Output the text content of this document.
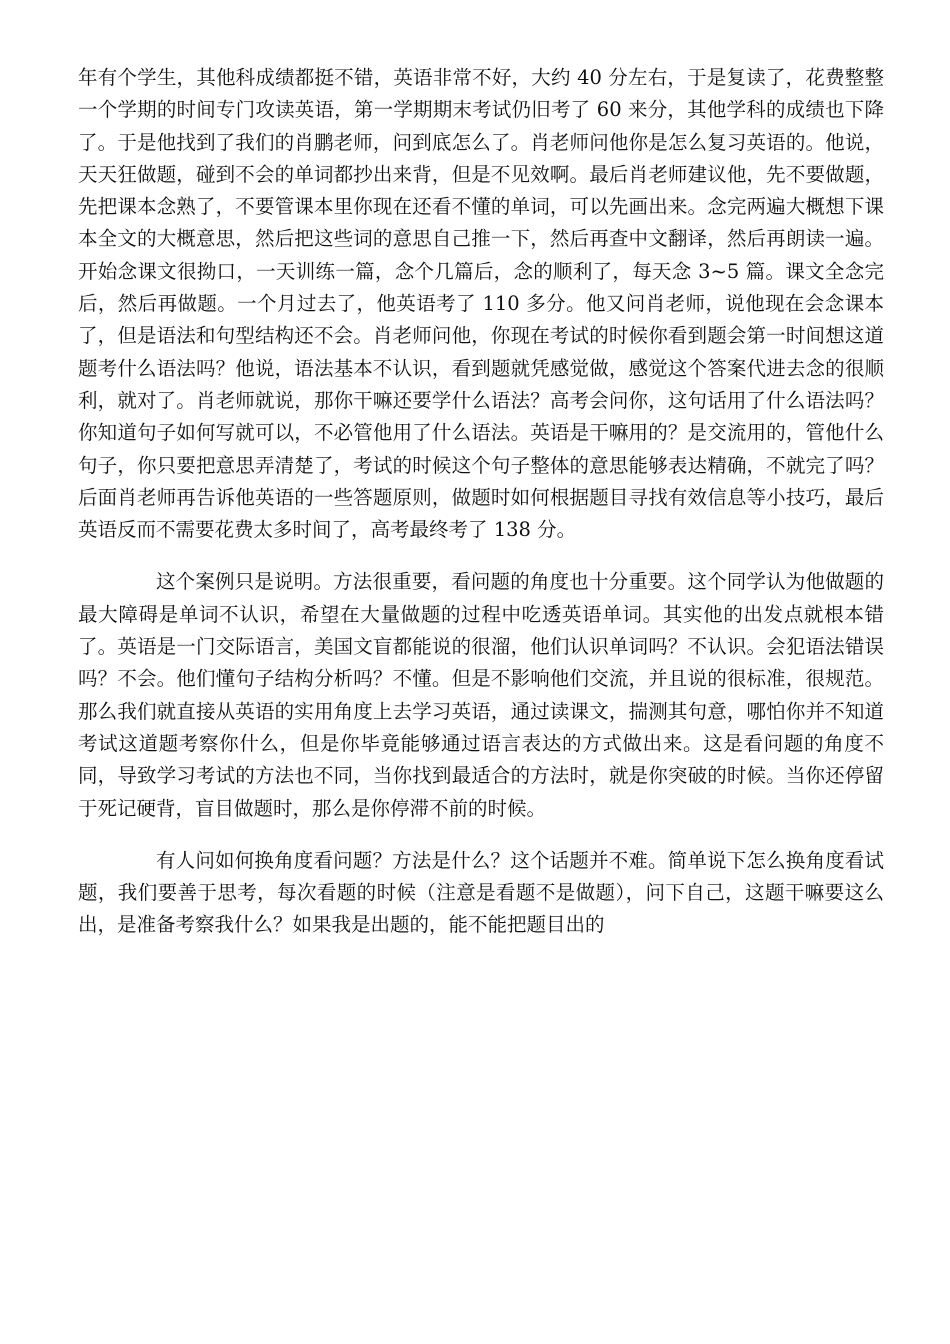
年有个学生，其他科成绩都挺不错，英语非常不好，大约 40 分左右，于是复读了，花费整整一个学期的时间专门攻读英语，第一学期期末考试仍旧考了 60 来分，其他学科的成绩也下降了。于是他找到了我们的肖鹏老师，问到底怎么了。肖老师问他你是怎么复习英语的。他说，天天狂做题，碰到不会的单词都抄出来背，但是不见效啊。最后肖老师建议他，先不要做题，先把课本念熟了，不要管课本里你现在还看不懂的单词，可以先画出来。念完两遍大概想下课本全文的大概意思，然后把这些词的意思自己推一下，然后再查中文翻译，然后再朗读一遍。开始念课文很拗口，一天训练一篇，念个几篇后，念的顺利了，每天念 3~5 篇。课文全念完后，然后再做题。一个月过去了，他英语考了 110 多分。他又问肖老师，说他现在会念课本了，但是语法和句型结构还不会。肖老师问他，你现在考试的时候你看到题会第一时间想这道题考什么语法吗？他说，语法基本不认识，看到题就凭感觉做，感觉这个答案代进去念的很顺利，就对了。肖老师就说，那你干嘛还要学什么语法？高考会问你，这句话用了什么语法吗？你知道句子如何写就可以，不必管他用了什么语法。英语是干嘛用的？是交流用的，管他什么句子，你只要把意思弄清楚了，考试的时候这个句子整体的意思能够表达精确，不就完了吗？后面肖老师再告诉他英语的一些答题原则，做题时如何根据题目寻找有效信息等小技巧，最后英语反而不需要花费太多时间了，高考最终考了 138 分。

这个案例只是说明。方法很重要，看问题的角度也十分重要。这个同学认为他做题的最大障碍是单词不认识，希望在大量做题的过程中吃透英语单词。其实他的出发点就根本错了。英语是一门交际语言，美国文盲都能说的很溜，他们认识单词吗？不认识。会犯语法错误吗？不会。他们懂句子结构分析吗？不懂。但是不影响他们交流，并且说的很标准，很规范。那么我们就直接从英语的实用角度上去学习英语，通过读课文，揣测其句意，哪怕你并不知道考试这道题考察你什么，但是你毕竟能够通过语言表达的方式做出来。这是看问题的角度不同，导致学习考试的方法也不同，当你找到最适合的方法时，就是你突破的时候。当你还停留于死记硬背，盲目做题时，那么是你停滞不前的时候。

有人问如何换角度看问题？方法是什么？这个话题并不难。简单说下怎么换角度看试题，我们要善于思考，每次看题的时候（注意是看题不是做题），问下自己，这题干嘛要这么出，是准备考察我什么？如果我是出题的，能不能把题目出的
